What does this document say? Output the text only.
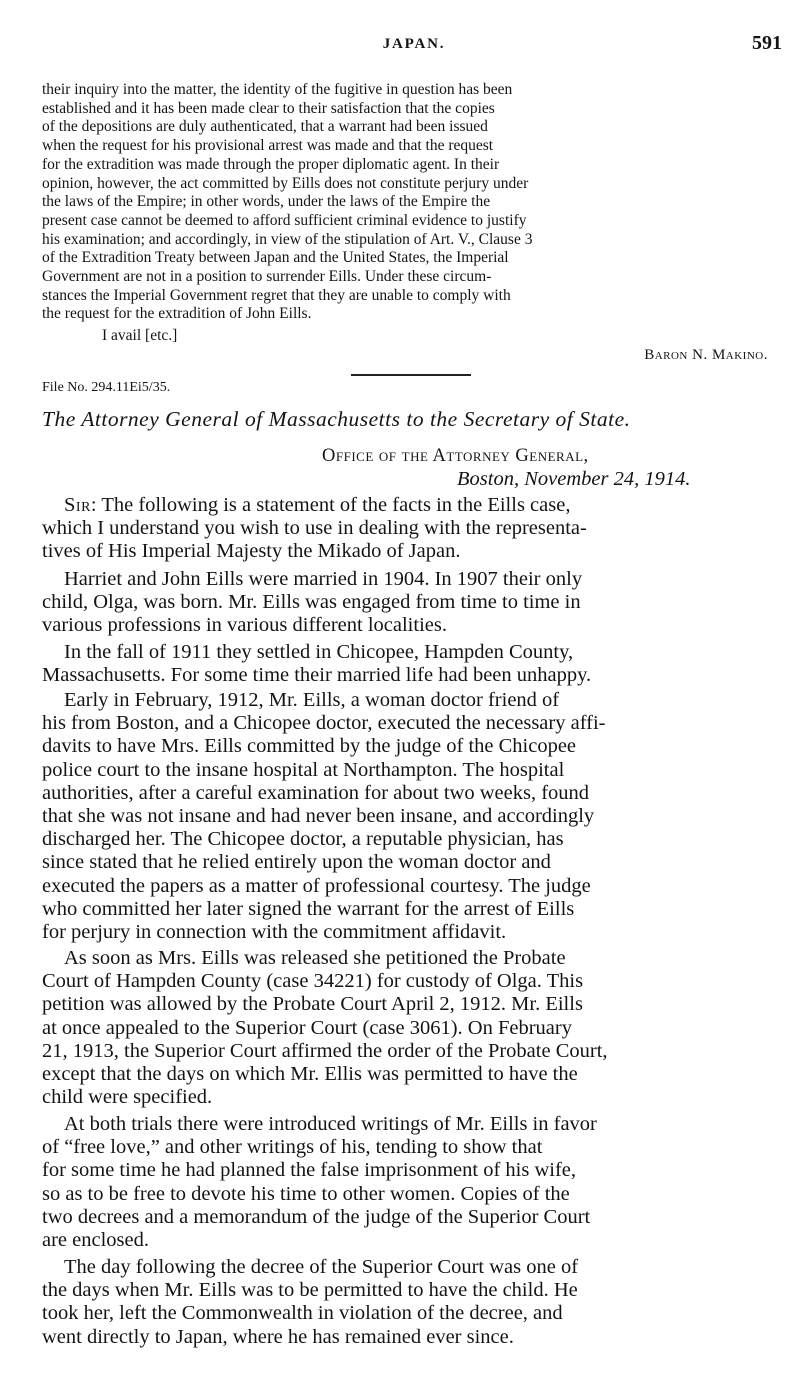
JAPAN.	591

their inquiry into the matter, the identity of the fugitive in question has been

established and it has been made clear to their satisfaction that the copies

of the depositions are duly authenticated, that a warrant had been issued

when the request for his provisional arrest was made and that the request

for the extradition was made through the proper diplomatic agent. In their

opinion, however, the act committed by Eills does not constitute perjury under

the laws of the Empire; in other words, under the laws of the Empire the

present case cannot be deemed to afford sufficient criminal evidence to justify

his examination; and accordingly, in view of the stipulation of Art. V., Clause 3

of the Extradition Treaty between Japan and the United States, the Imperial

Government are not in a position to surrender Eills. Under these circum-

stances the Imperial Government regret that they are unable to comply with

the request for the extradition of John Eills.

I avail [etc.]

Baron N. Makino.

File No. 294.11Ei5/35.

The Attorney General of Massachusetts to the Secretary of State.

Office of the Attorney General,

Boston, November 24, 1914.

Sir: The following is a statement of the facts in the Eills case,

which I understand you wish to use in dealing with the representa-

tives of His Imperial Majesty the Mikado of Japan.

Harriet and John Eills were married in 1904. In 1907 their only

child, Olga, was born. Mr. Eills was engaged from time to time in

various professions in various different localities.

In the fall of 1911 they settled in Chicopee, Hampden County,

Massachusetts. For some time their married life had been unhappy.

Early in February, 1912, Mr. Eills, a woman doctor friend of

his from Boston, and a Chicopee doctor, executed the necessary affi-

davits to have Mrs. Eills committed by the judge of the Chicopee

police court to the insane hospital at Northampton. The hospital

authorities, after a careful examination for about two weeks, found

that she was not insane and had never been insane, and accordingly

discharged her. The Chicopee doctor, a reputable physician, has

since stated that he relied entirely upon the woman doctor and

executed the papers as a matter of professional courtesy. The judge

who committed her later signed the warrant for the arrest of Eills

for perjury in connection with the commitment affidavit.

As soon as Mrs. Eills was released she petitioned the Probate

Court of Hampden County (case 34221) for custody of Olga. This

petition was allowed by the Probate Court April 2, 1912. Mr. Eills

at once appealed to the Superior Court (case 3061). On February

21, 1913, the Superior Court affirmed the order of the Probate Court,

except that the days on which Mr. Ellis was permitted to have the

child were specified.

At both trials there were introduced writings of Mr. Eills in favor

of “free love,” and other writings of his, tending to show that

for some time he had planned the false imprisonment of his wife,

so as to be free to devote his time to other women. Copies of the

two decrees and a memorandum of the judge of the Superior Court

are enclosed.

The day following the decree of the Superior Court was one of

the days when Mr. Eills was to be permitted to have the child. He

took her, left the Commonwealth in violation of the decree, and

went directly to Japan, where he has remained ever since.
